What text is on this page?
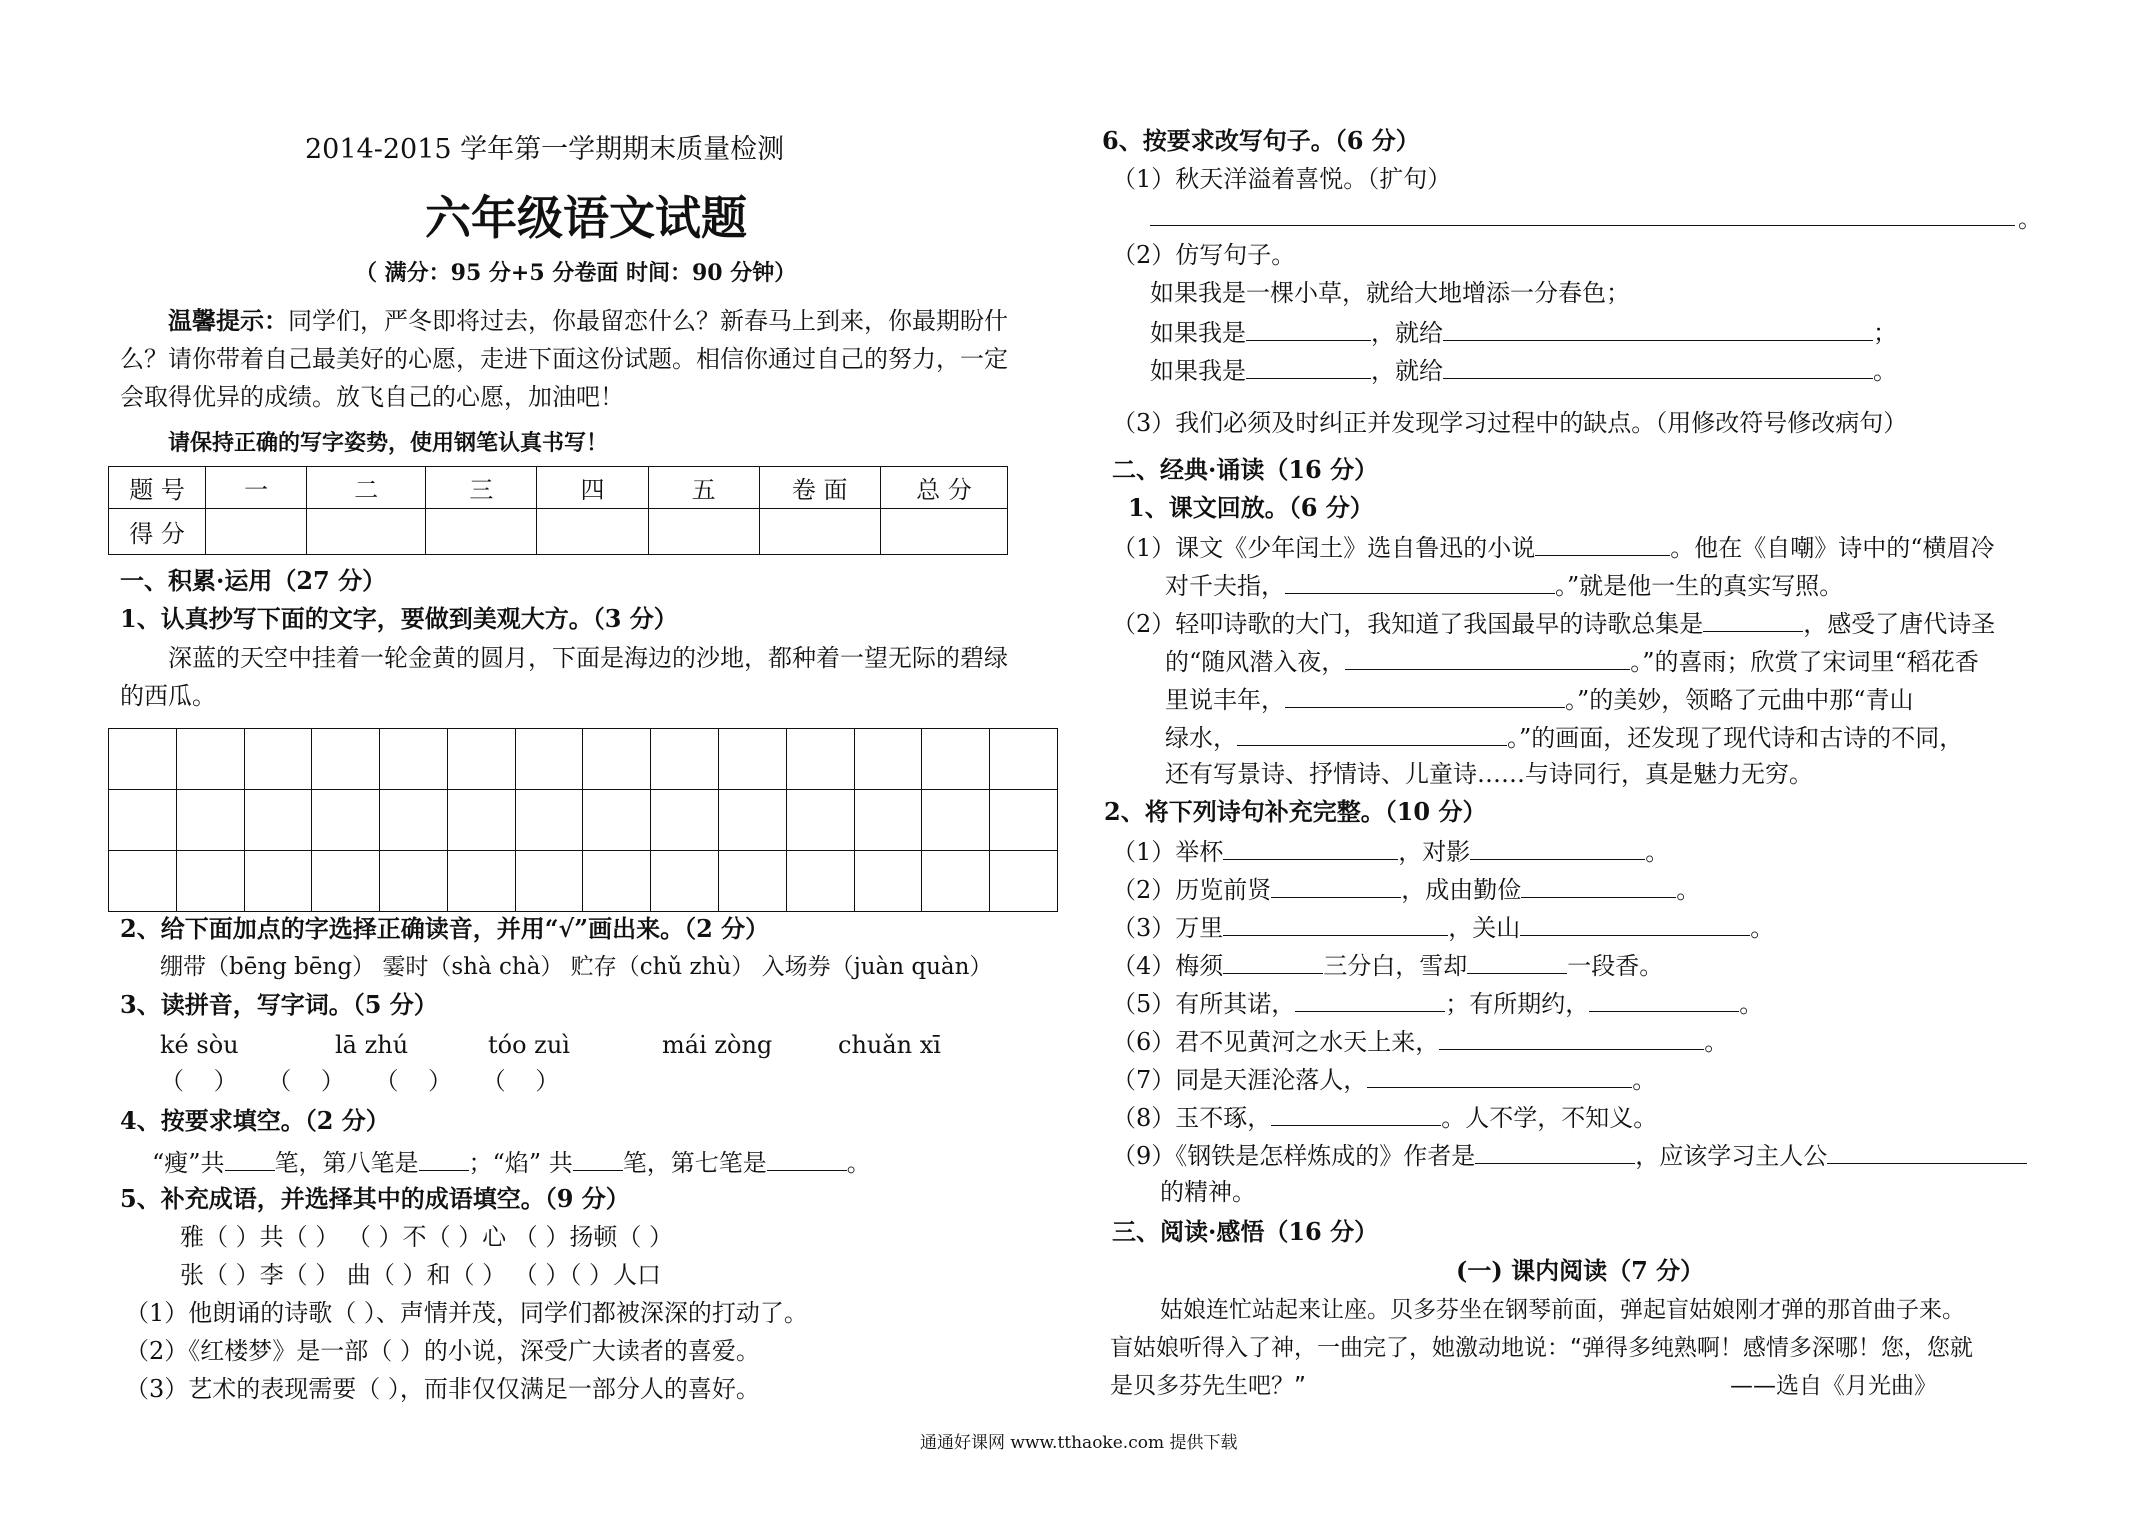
2014-2015 学年第一学期期末质量检测
六年级语文试题
（ 满分：95 分+5 分卷面 时间：90 分钟）
温馨提示：同学们，严冬即将过去，你最留恋什么？新春马上到来，你最期盼什
么？请你带着自己最美好的心愿，走进下面这份试题。相信你通过自己的努力，一定
会取得优异的成绩。放飞自己的心愿，加油吧！
请保持正确的写字姿势，使用钢笔认真书写！
题 号	一	二	三	四	五	卷 面	总 分
得 分							
一、积累·运用（27 分）
1、认真抄写下面的文字，要做到美观大方。（3 分）
深蓝的天空中挂着一轮金黄的圆月，下面是海边的沙地，都种着一望无际的碧绿
的西瓜。

2、给下面加点的字选择正确读音，并用“√”画出来。（2 分）
绷带（bēng bēng） 霎时（shà chà） 贮存（chǔ zhù） 入场券（juàn quàn）
3、读拼音，写字词。（5 分）
ké sòu	lā zhú	tóo zuì	mái zòng	chuǎn xī
（ ） （ ） （ ） （ ）
4、按要求填空。（2 分）
“瘦”共 笔，第八笔是 ；“焰” 共 笔，第七笔是	。
5、补充成语，并选择其中的成语填空。（9 分）
雅（ ）共（ ） （ ）不（ ）心 （ ）扬顿（ ）
张（ ）李（ ） 曲（ ）和（ ） （ ）（ ）人口
（1）他朗诵的诗歌（ ）、声情并茂，同学们都被深深的打动了。
（2）《红楼梦》是一部（ ）的小说，深受广大读者的喜爱。
（3）艺术的表现需要（ ），而非仅仅满足一部分人的喜好。
6、按要求改写句子。（6 分）
（1）秋天洋溢着喜悦。（扩句）
。
（2）仿写句子。
如果我是一棵小草，就给大地增添一分春色；
如果我是	，就给	；
如果我是	，就给	。
（3）我们必须及时纠正并发现学习过程中的缺点。（用修改符号修改病句）
二、经典·诵读（16 分）
1、课文回放。（6 分）
（1）课文《少年闰土》选自鲁迅的小说	。他在《自嘲》诗中的“横眉冷
对千夫指，	。”就是他一生的真实写照。
（2）轻叩诗歌的大门，我知道了我国最早的诗歌总集是	，感受了唐代诗圣
的“随风潜入夜，	。”的喜雨；欣赏了宋词里“稻花香
里说丰年，	。”的美妙，领略了元曲中那“青山
绿水，	。”的画面，还发现了现代诗和古诗的不同，
还有写景诗、抒情诗、儿童诗……与诗同行，真是魅力无穷。
2、将下列诗句补充完整。（10 分）
（1）举杯	，对影	。
（2）历览前贤	，成由勤俭	。
（3）万里	，关山	。
（4）梅须	三分白，雪却	一段香。
（5）有所其诺，	；有所期约，	。
（6）君不见黄河之水天上来，	。
（7）同是天涯沦落人，	。
（8）玉不琢，	。人不学，不知义。
（9）《钢铁是怎样炼成的》作者是	，应该学习主人公
的精神。
三、阅读·感悟（16 分）
(一) 课内阅读（7 分）
姑娘连忙站起来让座。贝多芬坐在钢琴前面，弹起盲姑娘刚才弹的那首曲子来。
盲姑娘听得入了神，一曲完了，她激动地说：“弹得多纯熟啊！感情多深哪！您，您就
是贝多芬先生吧？”	——选自《月光曲》
通通好课网 www.tthaoke.com 提供下载
